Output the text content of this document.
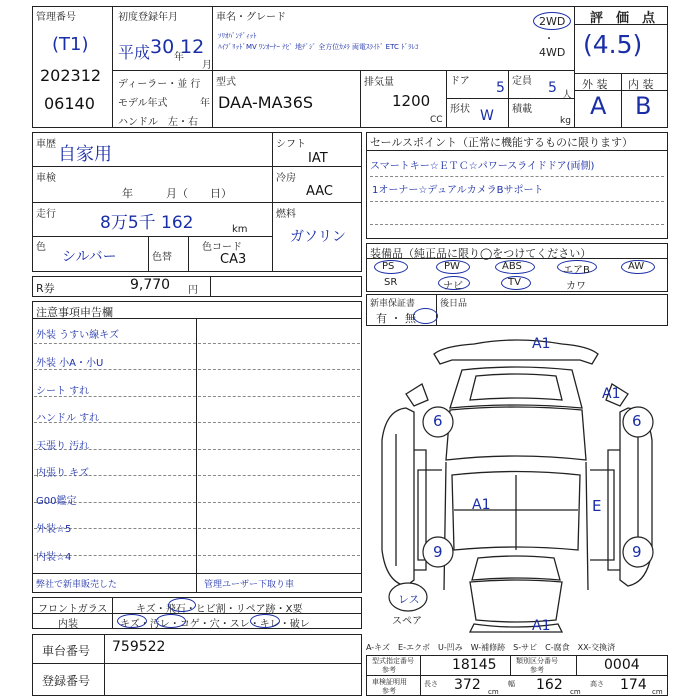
管理番号
(T1)
202312
06140
初度登録年月
平成 30 年
12
月
車名・グレード
ｿﾘｵﾊﾞﾝﾃﾞｨｯﾄ
ﾊｲﾌﾞﾘｯﾄﾞMV ﾜﾝｵｰﾅｰ ﾅﾋﾞ 地ﾃﾞｼﾞ 全方位ｶﾒﾗ 両電ｽﾗｲﾄﾞ ETC ﾄﾞﾗﾚｺ
2WD
・
4WD
ディーラー・並 行
モデル年式	年
ハンドル　左・右
型式
DAA-MA36S
排気量
1200
CC
ドア 5
形状 W
定員 5 人
積載
kg
評　価　点
(4.5)
外 装 内 装
A B
車歴 自家用
車検
年　　　月（　　日）
走行	8万5千 162	km
色
シルバー	色替
色コード
CA3
シフト
IAT
冷房
AAC
燃料
ガソリン
R券	9,770 円
セールスポイント（正常に機能するものに限ります）
スマートキー☆ＥＴＣ☆パワースライドドア(両側)
1オーナー☆デュアルカメラBサポート
装備品（純正品に限り◯をつけてください）
PS	PW	ABS	エアB	AW
SR	ナビ	TV	カワ
新車保証書
有 ・ 無
後日品
注意事項申告欄
外装 うすい線キズ
外装 小A・小U
シート すれ
ハンドル すれ
天張り 汚れ
内張り キズ
G00鑑定
外装☆5
内装☆4
弊社で新車販売した	管理ユーザー下取り車
フロントガラス	キズ・飛石・ヒビ割・リペア跡・X要
内装	キズ・汚レ・コゲ・穴・スレ・キレ・破レ
A1
A1
6	6
A1	E
9	9
A1
レス
スペア
A-キズ　E-エクボ　U-凹み　W-補修跡　S-サビ　C-腐食　XX-交換済
車台番号 759522
登録番号
型式指定番号
参考	18145	類別区分番号
参考	0004
車検証明用
参考
長さ 372 cm
幅 162 cm
高さ 174 cm
